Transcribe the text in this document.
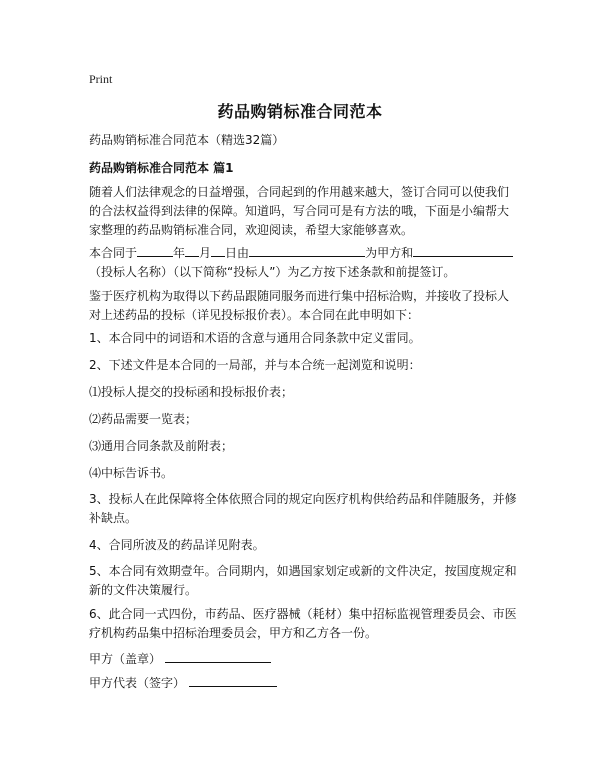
Print
药品购销标准合同范本
药品购销标准合同范本（精选32篇）
药品购销标准合同范本 篇1
随着人们法律观念的日益增强，合同起到的作用越来越大，签订合同可以使我们的合法权益得到法律的保障。知道吗，写合同可是有方法的哦，下面是小编帮大家整理的药品购销标准合同，欢迎阅读，希望大家能够喜欢。
本合同于	年 月 日由	为甲方和
（投标人名称）（以下简称“投标人”）为乙方按下述条款和前提签订。
鉴于医疗机构为取得以下药品跟随同服务而进行集中招标洽购，并接收了投标人对上述药品的投标（详见投标报价表）。本合同在此申明如下：
1、本合同中的词语和术语的含意与通用合同条款中定义雷同。
2、下述文件是本合同的一局部，并与本合统一起浏览和说明：
⑴投标人提交的投标函和投标报价表；
⑵药品需要一览表；
⑶通用合同条款及前附表；
⑷中标告诉书。
3、投标人在此保障将全体依照合同的规定向医疗机构供给药品和伴随服务，并修补缺点。
4、合同所波及的药品详见附表。
5、本合同有效期壹年。合同期内，如遇国家划定或新的文件决定，按国度规定和新的文件决策履行。
6、此合同一式四份，市药品、医疗器械（耗材）集中招标监视管理委员会、市医疗机构药品集中招标治理委员会，甲方和乙方各一份。
甲方（盖章）
甲方代表（签字）
